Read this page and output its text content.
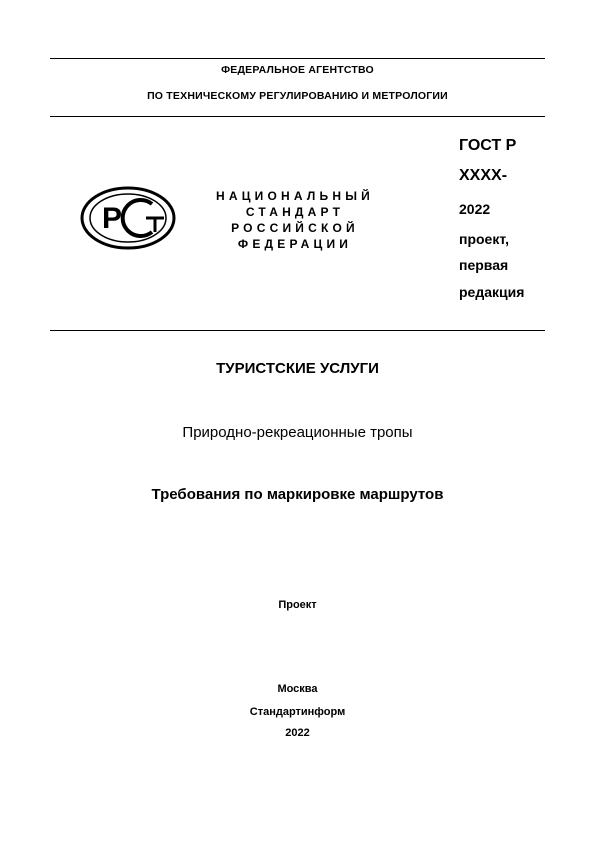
ФЕДЕРАЛЬНОЕ АГЕНТСТВО
ПО ТЕХНИЧЕСКОМУ РЕГУЛИРОВАНИЮ И МЕТРОЛОГИИ
Р
НАЦИОНАЛЬНЫЙ
СТАНДАРТ
РОССИЙСКОЙ
ФЕДЕРАЦИИ
ГОСТ Р
ХХХХ-
2022
проект,
первая
редакция
ТУРИСТСКИЕ УСЛУГИ
Природно-рекреационные тропы
Требования по маркировке маршрутов
Проект
Москва
Стандартинформ
2022
